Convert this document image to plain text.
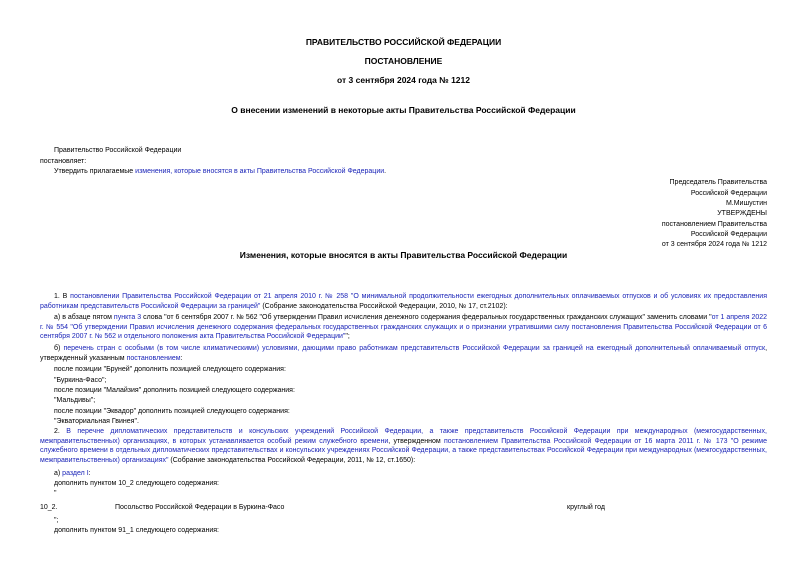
ПРАВИТЕЛЬСТВО РОССИЙСКОЙ ФЕДЕРАЦИИ
ПОСТАНОВЛЕНИЕ
от 3 сентября 2024 года № 1212
О внесении изменений в некоторые акты Правительства Российской Федерации
Правительство Российской Федерации
постановляет:
Утвердить прилагаемые изменения, которые вносятся в акты Правительства Российской Федерации.
Председатель Правительства
Российской Федерации
М.Мишустин
УТВЕРЖДЕНЫ
постановлением Правительства
Российской Федерации
от 3 сентября 2024 года № 1212
Изменения, которые вносятся в акты Правительства Российской Федерации
1. В постановлении Правительства Российской Федерации от 21 апреля 2010 г. № 258 "О минимальной продолжительности ежегодных дополнительных оплачиваемых отпусков и об условиях их предоставления работникам представительств Российской Федерации за границей" (Собрание законодательства Российской Федерации, 2010, № 17, ст.2102):
а) в абзаце пятом пункта 3 слова "от 6 сентября 2007 г. № 562 "Об утверждении Правил исчисления денежного содержания федеральных государственных гражданских служащих" заменить словами "от 1 апреля 2022 г. № 554 "Об утверждении Правил исчисления денежного содержания федеральных государственных гражданских служащих и о признании утратившими силу постановления Правительства Российской Федерации от 6 сентября 2007 г. № 562 и отдельного положения акта Правительства Российской Федерации"";
б) перечень стран с особыми (в том числе климатическими) условиями, дающими право работникам представительств Российской Федерации за границей на ежегодный дополнительный оплачиваемый отпуск, утвержденный указанным постановлением:
после позиции "Бруней" дополнить позицией следующего содержания:
"Буркина-Фасо";
после позиции "Малайзия" дополнить позицией следующего содержания:
"Мальдивы";
после позиции "Эквадор" дополнить позицией следующего содержания:
"Экваториальная Гвинея".
2. В перечне дипломатических представительств и консульских учреждений Российской Федерации, а также представительств Российской Федерации при международных (межгосударственных, межправительственных) организациях, в которых устанавливается особый режим служебного времени, утвержденном постановлением Правительства Российской Федерации от 16 марта 2011 г. № 173 "О режиме служебного времени в отдельных дипломатических представительствах и консульских учреждениях Российской Федерации, а также представительствах Российской Федерации при международных (межгосударственных, межправительственных) организациях" (Собрание законодательства Российской Федерации, 2011, № 12, ст.1650):
а) раздел I:
дополнить пунктом 10_2 следующего содержания:
"
10_2.	Посольство Российской Федерации в Буркина-Фасо	круглый год
";
дополнить пунктом 91_1 следующего содержания:
